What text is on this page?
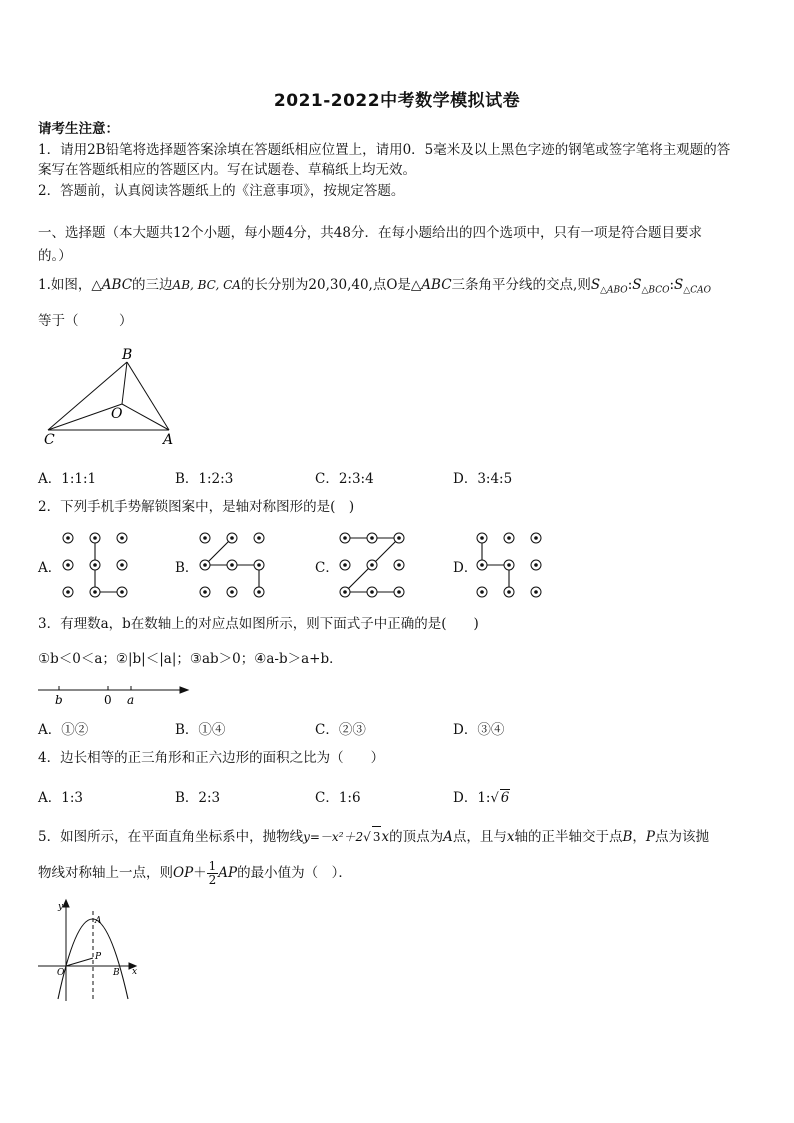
2021-2022中考数学模拟试卷
请考生注意：
1．请用2B铅笔将选择题答案涂填在答题纸相应位置上，请用0．5毫米及以上黑色字迹的钢笔或签字笔将主观题的答
案写在答题纸相应的答题区内。写在试题卷、草稿纸上均无效。
2．答题前，认真阅读答题纸上的《注意事项》，按规定答题。
一、选择题（本大题共12个小题，每小题4分，共48分．在每小题给出的四个选项中，只有一项是符合题目要求
的。）
1.如图，△ABC的三边AB, BC, CA的长分别为20,30,40,点O是△ABC三条角平分线的交点,则$S_{\triangle ABO}:S_{\triangle BCO}:S_{\triangle CAO}$
等于（　　　）
B
O
C	A
A．1:1:1	B．1:2:3	C．2:3:4	D．3:4:5
2．下列手机手势解锁图案中，是轴对称图形的是(　)
A．	B．	C．	D．
3．有理数a，b在数轴上的对应点如图所示，则下面式子中正确的是(　　)
①b＜0＜a；②|b|＜|a|；③ab＞0；④a-b＞a+b．
b	0 a
A．①②	B．①④	C．②③	D．③④
4．边长相等的正三角形和正六边形的面积之比为（　　）
A．1:3	B．2:3	C．1:6	D．1:√ 6
5．如图所示，在平面直角坐标系中，抛物线y=－x²＋2√ 3x的顶点为A点，且与x轴的正半轴交于点B，P点为该抛
物线对称轴上一点，则$OP+ \frac{1}{2}$ AP的最小值为（　）．
y
A
P
O	B x
